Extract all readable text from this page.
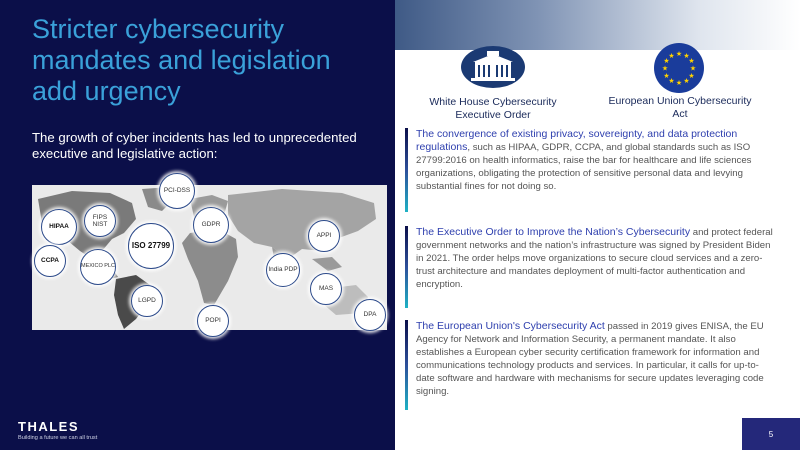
Stricter cybersecurity mandates and legislation add urgency

The growth of cyber incidents has led to unprecedented executive and legislative action:

HIPAA
FIPS NIST
CCPA
MEXICO PLC
ISO 27799
PCI-DSS
GDPR
LGPD
POPI
India PDP
APPI
MAS
DPA
THALES
Building a future we can all trust
★ ★
★
★
★
★
★
★
★
★
★
★
White House Cybersecurity Executive Order
European Union Cybersecurity Act
The convergence of existing privacy, sovereignty, and data protection regulations, such as HIPAA, GDPR, CCPA, and global standards such as ISO 27799:2016 on health informatics, raise the bar for healthcare and life sciences organizations, obligating the protection of sensitive personal data and levying substantial fines for not doing so.
The Executive Order to Improve the Nation’s Cybersecurity and protect federal government networks and the nation’s infrastructure was signed by President Biden in 2021. The order helps move organizations to secure cloud services and a zero-trust architecture and mandates deployment of multi-factor authentication and encryption.
The European Union's Cybersecurity Act passed in 2019 gives ENISA, the EU Agency for Network and Information Security, a permanent mandate. It also establishes a European cyber security certification framework for information and communications technology products and services. In particular, it calls for up-to-date software and hardware with mechanisms for secure updates leveraging code signing.
5
